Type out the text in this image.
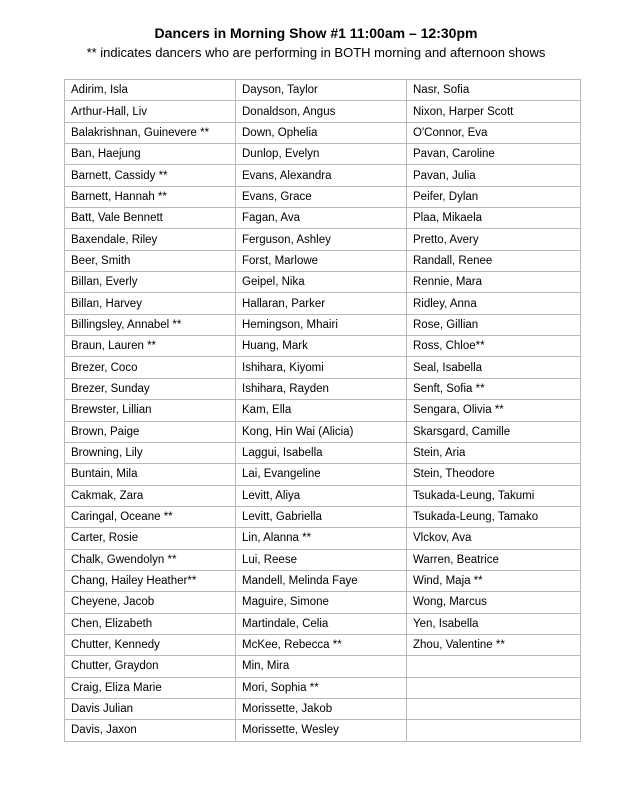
Dancers in Morning Show #1 11:00am – 12:30pm
** indicates dancers who are performing in BOTH morning and afternoon shows
Adirim, Isla	Dayson, Taylor	Nasr, Sofia
Arthur-Hall, Liv	Donaldson, Angus	Nixon, Harper Scott
Balakrishnan, Guinevere **	Down, Ophelia	O'Connor, Eva
Ban, Haejung	Dunlop, Evelyn	Pavan, Caroline
Barnett, Cassidy **	Evans, Alexandra	Pavan, Julia
Barnett, Hannah **	Evans, Grace	Peifer, Dylan
Batt, Vale Bennett	Fagan, Ava	Plaa, Mikaela
Baxendale, Riley	Ferguson, Ashley	Pretto, Avery
Beer, Smith	Forst, Marlowe	Randall, Renee
Billan, Everly	Geipel, Nika	Rennie, Mara
Billan, Harvey	Hallaran, Parker	Ridley, Anna
Billingsley, Annabel **	Hemingson, Mhairi	Rose, Gillian
Braun, Lauren **	Huang, Mark	Ross, Chloe**
Brezer, Coco	Ishihara, Kiyomi	Seal, Isabella
Brezer, Sunday	Ishihara, Rayden	Senft, Sofia **
Brewster, Lillian	Kam, Ella	Sengara, Olivia **
Brown, Paige	Kong, Hin Wai (Alicia)	Skarsgard, Camille
Browning, Lily	Laggui, Isabella	Stein, Aria
Buntain, Mila	Lai, Evangeline	Stein, Theodore
Cakmak, Zara	Levitt, Aliya	Tsukada-Leung, Takumi
Caringal, Oceane **	Levitt, Gabriella	Tsukada-Leung, Tamako
Carter, Rosie	Lin, Alanna **	Vlckov, Ava
Chalk, Gwendolyn **	Lui, Reese	Warren, Beatrice
Chang, Hailey Heather**	Mandell, Melinda Faye	Wind, Maja **
Cheyene, Jacob	Maguire, Simone	Wong, Marcus
Chen, Elizabeth	Martindale, Celia	Yen, Isabella
Chutter, Kennedy	McKee, Rebecca **	Zhou, Valentine **
Chutter, Graydon	Min, Mira	
Craig, Eliza Marie	Mori, Sophia **	
Davis Julian	Morissette, Jakob	
Davis, Jaxon	Morissette, Wesley	
